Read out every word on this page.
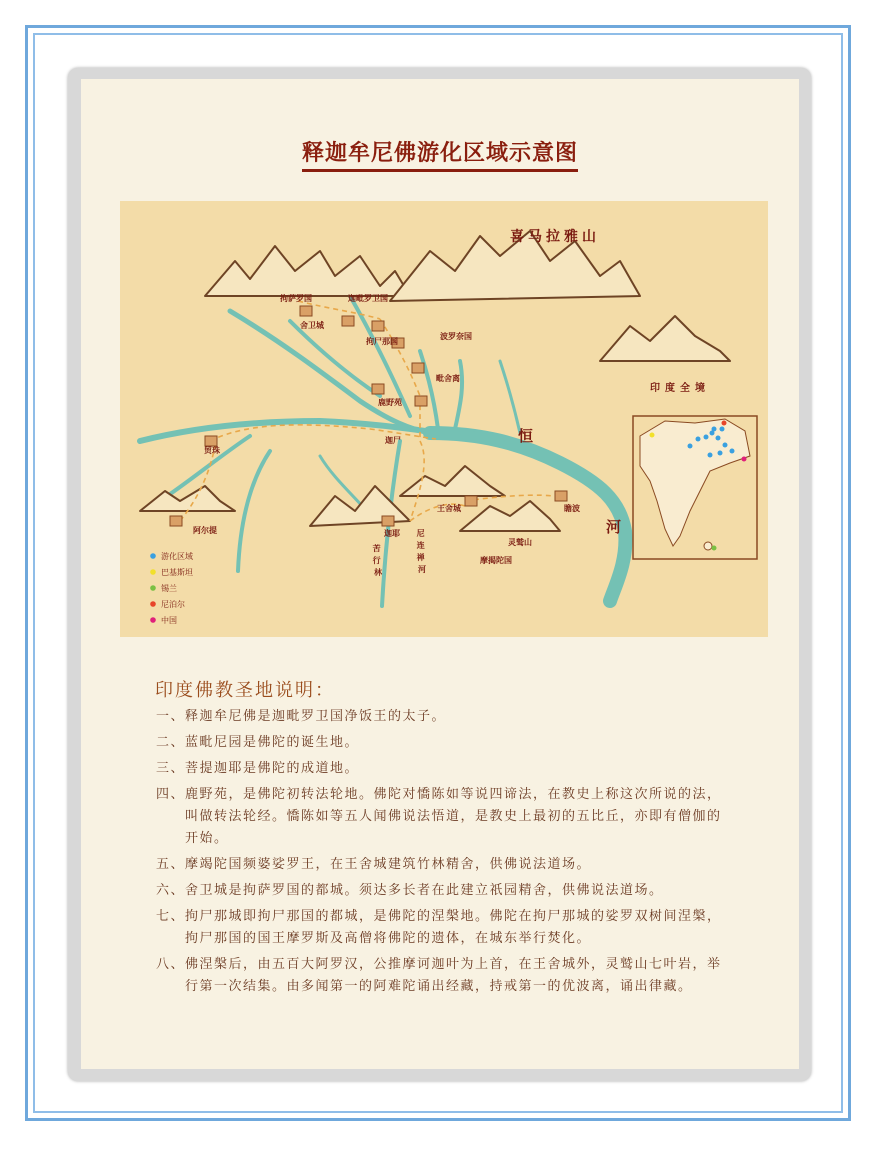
释迦牟尼佛游化区域示意图
喜马拉雅山
恒
河
拘萨罗国	迦毗罗卫国
舍卫城
拘尸那国
波罗奈国
毗舍离
鹿野苑
迦尸
贸珠
阿尔提
王舍城	瞻波
灵鹫山
摩揭陀国
迦耶
苦 行 林
尼 连 禅 河
印度全境
游化区域
巴基斯坦
锡兰
尼泊尔
中国
印度佛教圣地说明：
一、 释迦牟尼佛是迦毗罗卫国净饭王的太子。
二、 蓝毗尼园是佛陀的诞生地。
三、 菩提迦耶是佛陀的成道地。
四、 鹿野苑，是佛陀初转法轮地。佛陀对憍陈如等说四谛法，在教史上称这次所说的法，叫做转法轮经。憍陈如等五人闻佛说法悟道，是教史上最初的五比丘，亦即有僧伽的开始。
五、 摩竭陀国频婆娑罗王，在王舍城建筑竹林精舍，供佛说法道场。
六、 舍卫城是拘萨罗国的都城。须达多长者在此建立祇园精舍，供佛说法道场。
七、 拘尸那城即拘尸那国的都城，是佛陀的涅槃地。佛陀在拘尸那城的娑罗双树间涅槃，拘尸那国的国王摩罗斯及高僧将佛陀的遗体，在城东举行焚化。
八、 佛涅槃后，由五百大阿罗汉，公推摩诃迦叶为上首，在王舍城外，灵鹫山七叶岩，举行第一次结集。由多闻第一的阿难陀诵出经藏，持戒第一的优波离，诵出律藏。
